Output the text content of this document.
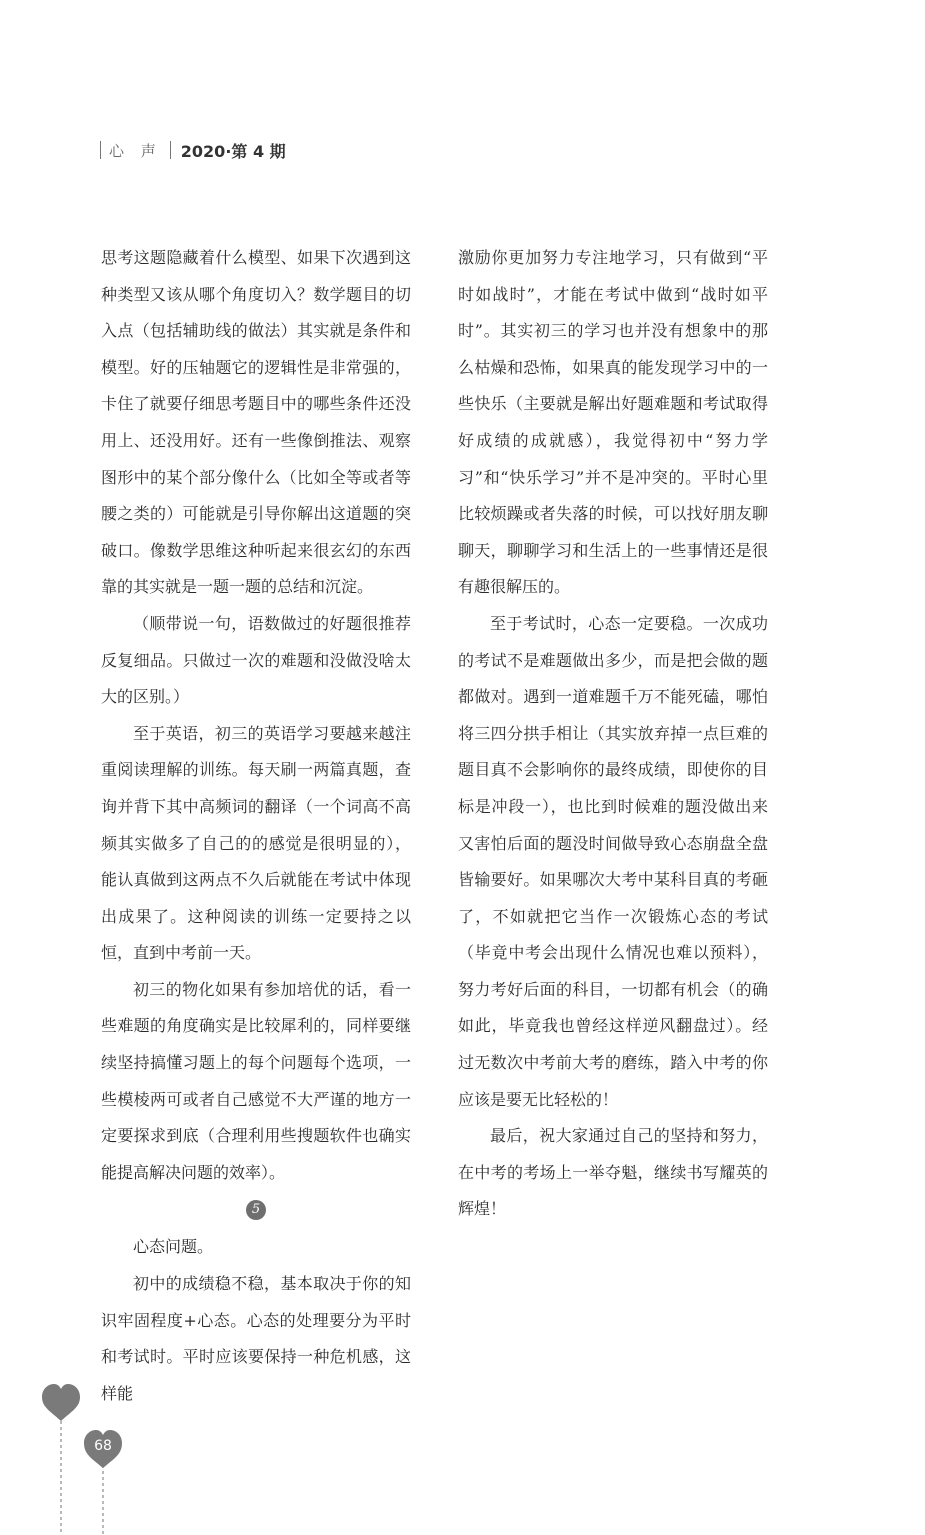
心 声 2020·第 4 期

思考这题隐藏着什么模型、如果下次遇到这种类型又该从哪个角度切入？数学题目的切入点（包括辅助线的做法）其实就是条件和模型。好的压轴题它的逻辑性是非常强的，卡住了就要仔细思考题目中的哪些条件还没用上、还没用好。还有一些像倒推法、观察图形中的某个部分像什么（比如全等或者等腰之类的）可能就是引导你解出这道题的突破口。像数学思维这种听起来很玄幻的东西靠的其实就是一题一题的总结和沉淀。

（顺带说一句，语数做过的好题很推荐反复细品。只做过一次的难题和没做没啥太大的区别。）

至于英语，初三的英语学习要越来越注重阅读理解的训练。每天刷一两篇真题，查询并背下其中高频词的翻译（一个词高不高频其实做多了自己的的感觉是很明显的），能认真做到这两点不久后就能在考试中体现出成果了。这种阅读的训练一定要持之以恒，直到中考前一天。

初三的物化如果有参加培优的话，看一些难题的角度确实是比较犀利的，同样要继续坚持搞懂习题上的每个问题每个选项，一些模棱两可或者自己感觉不大严谨的地方一定要探求到底（合理利用些搜题软件也确实能提高解决问题的效率）。

5

心态问题。

初中的成绩稳不稳，基本取决于你的知识牢固程度+心态。心态的处理要分为平时和考试时。平时应该要保持一种危机感，这样能

激励你更加努力专注地学习，只有做到“平时如战时”，才能在考试中做到“战时如平时”。其实初三的学习也并没有想象中的那么枯燥和恐怖，如果真的能发现学习中的一些快乐（主要就是解出好题难题和考试取得好成绩的成就感），我觉得初中“努力学习”和“快乐学习”并不是冲突的。平时心里比较烦躁或者失落的时候，可以找好朋友聊聊天，聊聊学习和生活上的一些事情还是很有趣很解压的。

至于考试时，心态一定要稳。一次成功的考试不是难题做出多少，而是把会做的题都做对。遇到一道难题千万不能死磕，哪怕将三四分拱手相让（其实放弃掉一点巨难的题目真不会影响你的最终成绩，即使你的目标是冲段一），也比到时候难的题没做出来又害怕后面的题没时间做导致心态崩盘全盘皆输要好。如果哪次大考中某科目真的考砸了，不如就把它当作一次锻炼心态的考试（毕竟中考会出现什么情况也难以预料），努力考好后面的科目，一切都有机会（的确如此，毕竟我也曾经这样逆风翻盘过）。经过无数次中考前大考的磨练，踏入中考的你应该是要无比轻松的！

最后，祝大家通过自己的坚持和努力，在中考的考场上一举夺魁，继续书写耀英的辉煌！

68
